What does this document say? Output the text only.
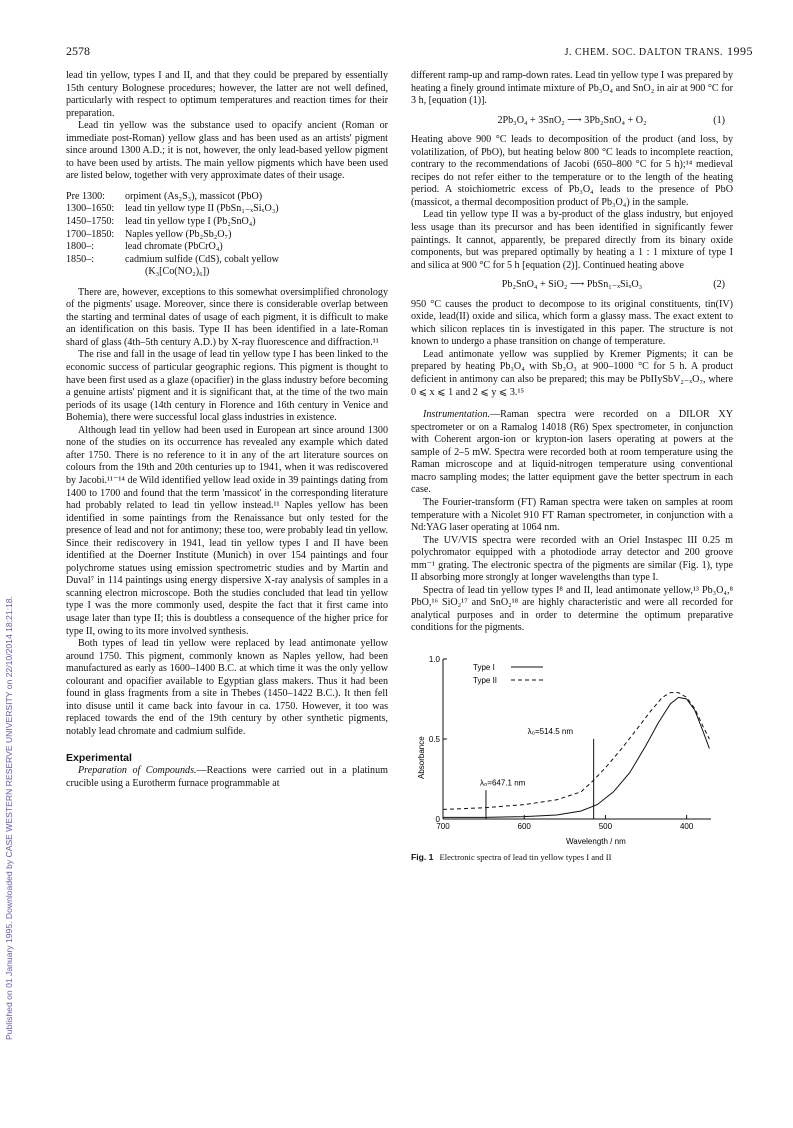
2578	J. CHEM. SOC. DALTON TRANS. 1995
Published on 01 January 1995. Downloaded by CASE WESTERN RESERVE UNIVERSITY on 22/10/2014 18:21:18.

lead tin yellow, types I and II, and that they could be prepared by essentially 15th century Bolognese procedures; however, the latter are not well defined, particularly with respect to optimum temperatures and reaction times for their preparation.

Lead tin yellow was the substance used to opacify ancient (Roman or immediate post-Roman) yellow glass and has been used as an artists' pigment since around 1300 A.D.; it is not, however, the only lead-based yellow pigment to have been used by artists. The main yellow pigments which have been used are listed below, together with very approximate dates of their usage.

Pre 1300:	orpiment (As₂S₃), massicot (PbO)
1300–1650:	lead tin yellow type II (PbSn₁₋ₓSiₓO₃)
1450–1750:	lead tin yellow type I (Pb₂SnO₄)
1700–1850:	Naples yellow (Pb₂Sb₂O₇)
1800–:	lead chromate (PbCrO₄)
1850–:	cadmium sulfide (CdS), cobalt yellow
(K₃[Co(NO₂)₆])

There are, however, exceptions to this somewhat oversimplified chronology of the pigments' usage. Moreover, since there is considerable overlap between the starting and terminal dates of usage of each pigment, it is difficult to make an identification on this basis. Type II has been identified in a late-Roman shard of glass (4th–5th century A.D.) by X-ray fluorescence and diffraction.¹¹

The rise and fall in the usage of lead tin yellow type I has been linked to the economic success of particular geographic regions. This pigment is thought to have been first used as a glaze (opacifier) in the glass industry before becoming a genuine artists' pigment and it is significant that, at the time of the two main periods of its usage (14th century in Florence and 16th century in Venice and Bohemia), there were successful local glass industries in existence.

Although lead tin yellow had been used in European art since around 1300 none of the studies on its occurrence has revealed any example which dated after 1750. There is no reference to it in any of the art literature sources on colours from the 19th and 20th centuries up to 1941, when it was rediscovered by Jacobi.¹¹⁻¹⁴ de Wild identified yellow lead oxide in 39 paintings dating from 1400 to 1700 and found that the term 'massicot' in the corresponding literature had probably related to lead tin yellow instead.¹¹ Naples yellow has been identified in some paintings from the Renaissance but only tested for the presence of lead and not for antimony; these too, were probably lead tin yellow. Since their rediscovery in 1941, lead tin yellow types I and II have been identified at the Doerner Institute (Munich) in over 154 paintings and four polychrome statues using emission spectrometric studies and by Martin and Duval⁷ in 114 paintings using energy dispersive X-ray analysis of samples in a scanning electron microscope. Both the studies concluded that lead tin yellow type I was the more commonly used, despite the fact that it first came into usage later than type II; this is doubtless a consequence of the higher price for type II, owing to its more involved synthesis.

Both types of lead tin yellow were replaced by lead antimonate yellow around 1750. This pigment, commonly known as Naples yellow, had been manufactured as early as 1600–1400 B.C. at which time it was the only yellow colourant and opacifier available to Egyptian glass makers. Thus it had been found in glass fragments from a site in Thebes (1450–1422 B.C.). It then fell into disuse until it came back into favour in ca. 1750. However, it too was replaced towards the end of the 19th century by other synthetic pigments, notably lead chromate and cadmium sulfide.

Experimental

Preparation of Compounds.—Reactions were carried out in a platinum crucible using a Eurotherm furnace programmable at

different ramp-up and ramp-down rates. Lead tin yellow type I was prepared by heating a finely ground intimate mixture of Pb₃O₄ and SnO₂ in air at 900 °C for 3 h, [equation (1)].

2Pb₃O₄ + 3SnO₂ ⟶ 3Pb₂SnO₄ + O₂	(1)

Heating above 900 °C leads to decomposition of the product (and loss, by volatilization, of PbO), but heating below 800 °C leads to incomplete reaction, contrary to the recommendations of Jacobi (650–800 °C for 5 h);¹⁴ medieval recipes do not refer either to the temperature or to the length of the heating period. A stoichiometric excess of Pb₃O₄ leads to the presence of PbO (massicot, a thermal decomposition product of Pb₃O₄) in the sample.

Lead tin yellow type II was a by-product of the glass industry, but enjoyed less usage than its precursor and has been identified in significantly fewer paintings. It cannot, apparently, be prepared directly from its binary oxide components, but was prepared optimally by heating a 1 : 1 mixture of type I and silica at 900 °C for 5 h [equation (2)]. Continued heating above

Pb₂SnO₄ + SiO₂ ⟶ PbSn₁₋ₓSiₓO₃	(2)

950 °C causes the product to decompose to its original constituents, tin(IV) oxide, lead(II) oxide and silica, which form a glassy mass. The exact extent to which silicon replaces tin is investigated in this paper. The structure is not known to undergo a phase transition on change of temperature.

Lead antimonate yellow was supplied by Kremer Pigments; it can be prepared by heating Pb₃O₄ with Sb₂O₃ at 900–1000 °C for 5 h. A product deficient in antimony can also be prepared; this may be PbIIySbV₂₋ₓO₇, where 0 ⩽ x ⩽ 1 and 2 ⩽ y ⩽ 3.¹⁵

Instrumentation.—Raman spectra were recorded on a DILOR XY spectrometer or on a Ramalog 14018 (R6) Spex spectrometer, in conjunction with Coherent argon-ion or krypton-ion lasers operating at powers at the sample of 2–5 mW. Spectra were recorded both at room temperature using the Raman microscope and at liquid-nitrogen temperature using conventional macro sampling modes; the latter equipment gave the better spectrum in each case.

The Fourier-transform (FT) Raman spectra were taken on samples at room temperature with a Nicolet 910 FT Raman spectrometer, in conjunction with a Nd:YAG laser operating at 1064 nm.

The UV/VIS spectra were recorded with an Oriel Instaspec III 0.25 m polychromator equipped with a photodiode array detector and 200 groove mm⁻¹ grating. The electronic spectra of the pigments are similar (Fig. 1), type II absorbing more strongly at longer wavelengths than type I.

Spectra of lead tin yellow types I⁸ and II, lead antimonate yellow,¹³ Pb₃O₄,⁸ PbO,¹⁶ SiO₂¹⁷ and SnO₂¹⁸ are highly characteristic and were all recorded for analytical purposes and in order to determine the optimum preparative conditions for the pigments.

Absorbance
Wavelength / nm
700	600	500	400
0
0.5
1.0
Type I
Type II
λ₀=514.5 nm
λ₀=647.1 nm
Fig. 1 Electronic spectra of lead tin yellow types I and II
